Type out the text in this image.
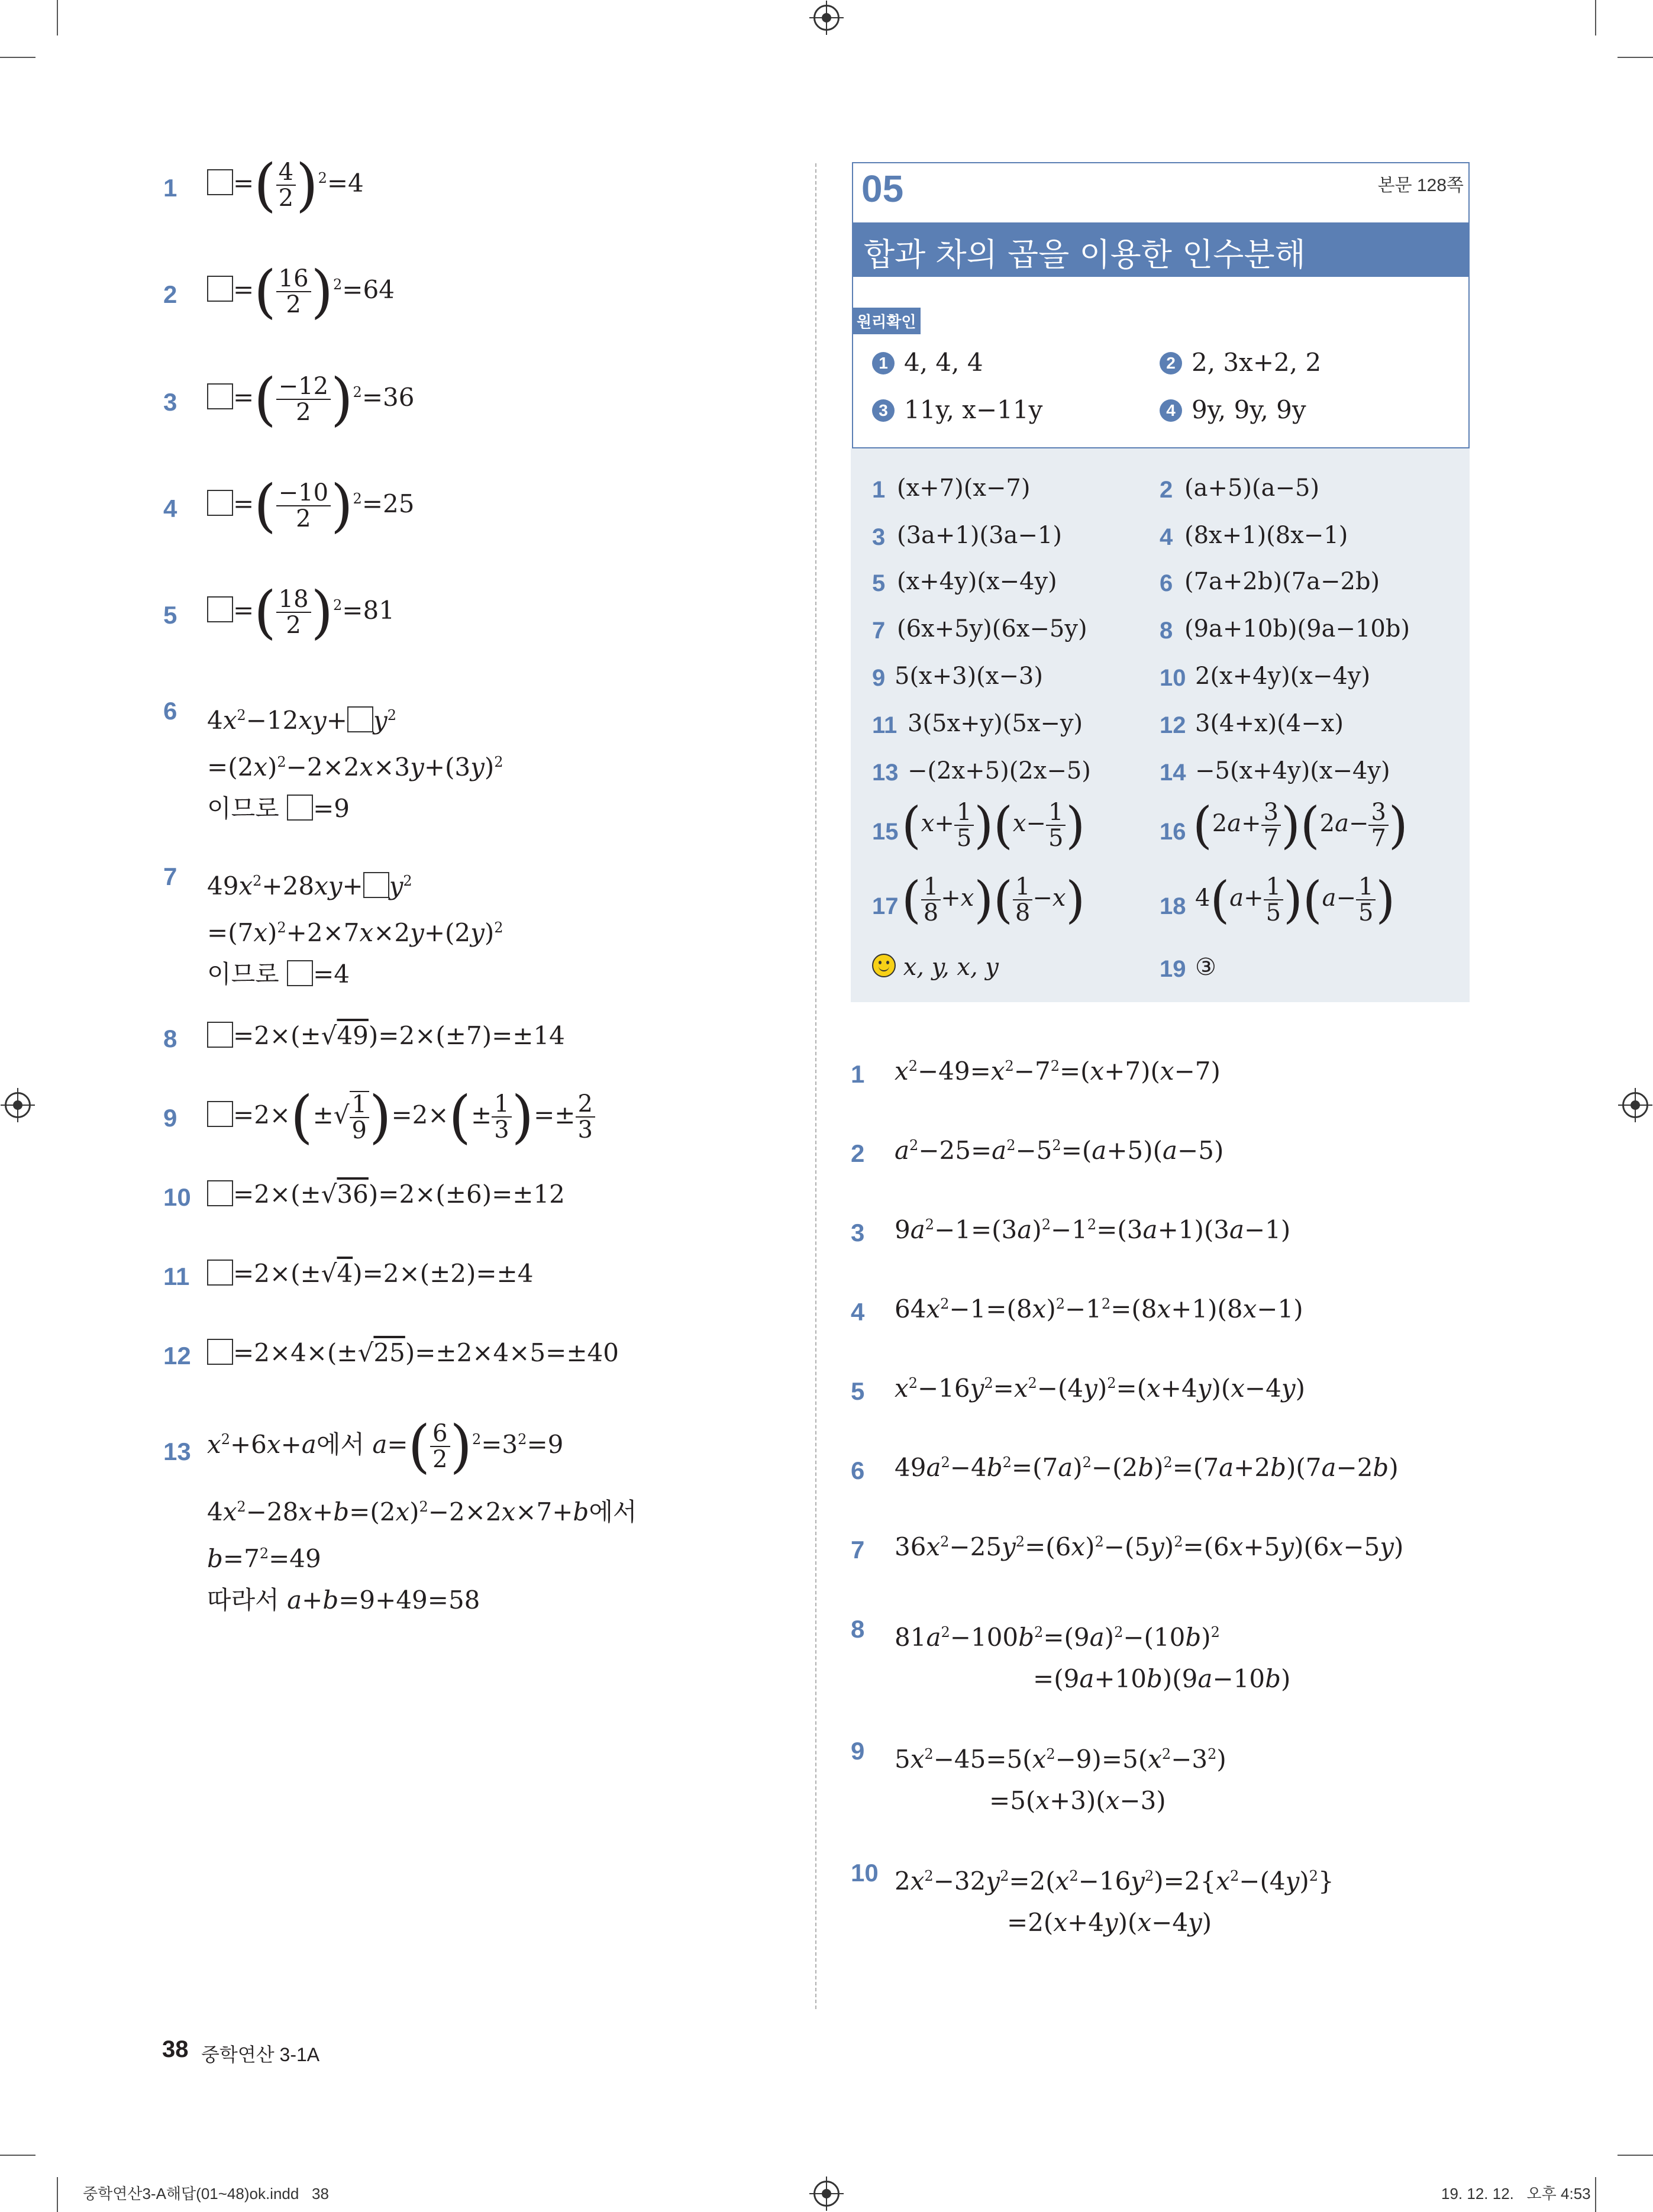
1	=( $\frac{4}{2} )^2=4$
2	=( $\frac{16}{2} )^2=64$
3	=( $\frac{-12}{2} )^2=36$
4	=( $\frac{-10}{2} )^2=25$
5	=( $\frac{18}{2} )^2=81$
6 $4x^2-12xy+ y^2$
$=(2x)^2-2\times 2x\times 3y+(3y)^2$
이므로 =9
7 $49x^2+28xy+ y^2$
$=(7x)^2+2\times 7x\times 2y+(2y)^2$
이므로 =4
8	=2×(±√49)=2×(±7)=±14
9	$=2\times(\pm√ \frac{1}{9} )=2\times(\pm \frac{1}{3}$ )=± $\frac{2}{3}$
10	=2×(±√36)=2×(±6)=±12
11	=2×(±√4)=2×(±2)=±4
12	=2×4×(±√25)=±2×4×5=±40
13 $x^2+6x+a$에서 $a=( \frac{6}{2} )^2=3^2=9$
$4x^2-28x+b=(2x)^2-2\times 2x\times 7+b$에서
$b=7^2=49$
따라서 a+b=9+49=58
05	본문 128쪽
합과 차의 곱을 이용한 인수분해
원리확인
1 4, 4, 4	2 2, 3x+2, 2
3 11y, x−11y	4 9y, 9y, 9y
1 (x+7)(x−7)	2 (a+5)(a−5)
3 (3a+1)(3a−1)	4 (8x+1)(8x−1)
5 (x+4y)(x−4y)	6 (7a+2b)(7a−2b)
7 (6x+5y)(6x−5y)	8 (9a+10b)(9a−10b)
9 5(x+3)(x−3)	10 2(x+4y)(x−4y)
11 3(5x+y)(5x−y)	12 3(4+x)(4−x)
13 −(2x+5)(2x−5)	14 −5(x+4y)(x−4y)
15 $(x+ \frac{1}{5} )(x- \frac{1}{5}$ )	16 $(2a+ \frac{3}{7} )(2a- \frac{3}{7}$ )
17 ( $\frac{1}{8} +x)( \frac{1}{8} -x)$	18 $4(a+ \frac{1}{5} )(a- \frac{1}{5}$ )
x, y, x, y	19 ③
1 $x^2-49=x^2-7^2=(x+7)(x-7)$
2 $a^2-25=a^2-5^2=(a+5)(a-5)$
3 $9a^2-1=(3a)^2-1^2=(3a+1)(3a-1)$
4 $64x^2-1=(8x)^2-1^2=(8x+1)(8x-1)$
5 $x^2-16y^2=x^2-(4y)^2=(x+4y)(x-4y)$
6 $49a^2-4b^2=(7a)^2-(2b)^2=(7a+2b)(7a-2b)$
7 $36x^2-25y^2=(6x)^2-(5y)^2=(6x+5y)(6x-5y)$
8 $81a^2-100b^2=(9a)^2-(10b)^2$
=(9a+10b)(9a−10b)
9 $5x^2-45=5(x^2-9)=5(x^2-3^2)$
=5(x+3)(x−3)
10 $2x^2-32y^2=2(x^2-16y^2)=2\{x^2-(4y)^2\}$
=2(x+4y)(x−4y)
38 중학연산 3-1A
중학연산3-A해답(01~48)ok.indd   38	19. 12. 12.   오후 4:53
